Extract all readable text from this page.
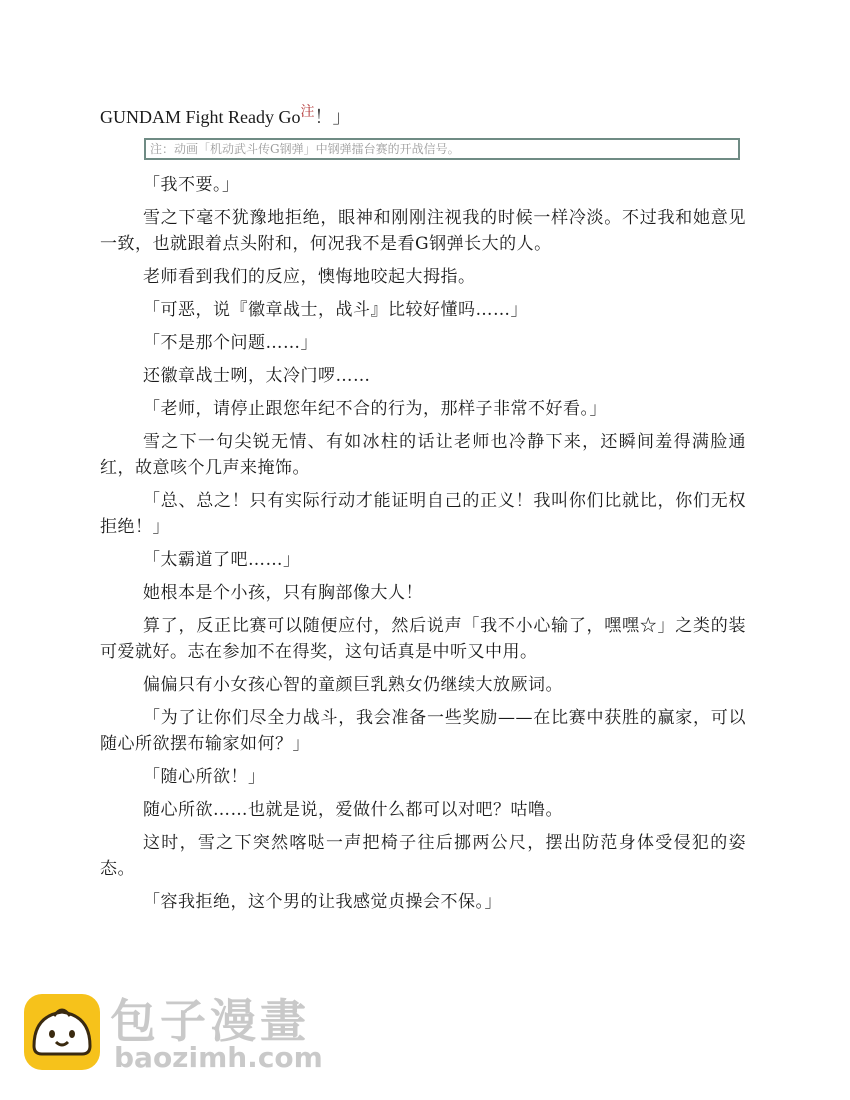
GUNDAM Fight Ready $Go^注$！」
注：动画「机动武斗传G钢弹」中钢弹擂台赛的开战信号。

「我不要。」

雪之下毫不犹豫地拒绝，眼神和刚刚注视我的时候一样冷淡。不过我和她意见一致，也就跟着点头附和，何况我不是看G钢弹长大的人。

老师看到我们的反应，懊悔地咬起大拇指。

「可恶，说『徽章战士，战斗』比较好懂吗……」

「不是那个问题……」

还徽章战士咧，太冷门啰……

「老师，请停止跟您年纪不合的行为，那样子非常不好看。」

雪之下一句尖锐无情、有如冰柱的话让老师也冷静下来，还瞬间羞得满脸通红，故意咳个几声来掩饰。

「总、总之！只有实际行动才能证明自己的正义！我叫你们比就比，你们无权拒绝！」

「太霸道了吧……」

她根本是个小孩，只有胸部像大人！

算了，反正比赛可以随便应付，然后说声「我不小心输了，嘿嘿☆」之类的装可爱就好。志在参加不在得奖，这句话真是中听又中用。

偏偏只有小女孩心智的童颜巨乳熟女仍继续大放厥词。

「为了让你们尽全力战斗，我会准备一些奖励——在比赛中获胜的赢家，可以随心所欲摆布输家如何？」

「随心所欲！」

随心所欲……也就是说，爱做什么都可以对吧？咕噜。

这时，雪之下突然喀哒一声把椅子往后挪两公尺，摆出防范身体受侵犯的姿态。

「容我拒绝，这个男的让我感觉贞操会不保。」

包子漫畫
baozimh.com
